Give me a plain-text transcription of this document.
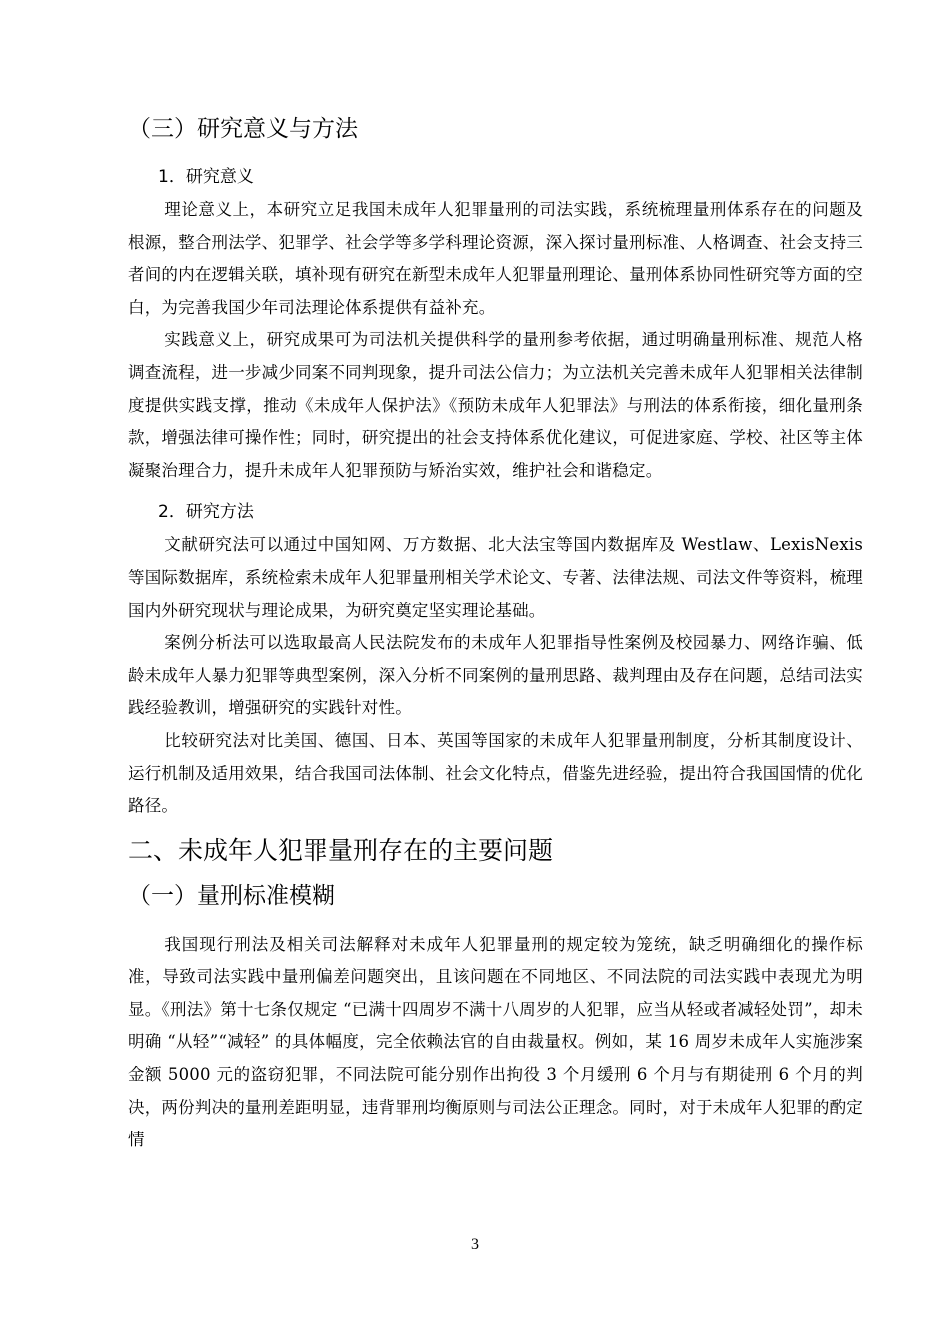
（三）研究意义与方法
1．研究意义

理论意义上，本研究立足我国未成年人犯罪量刑的司法实践，系统梳理量刑体系存在的问题及根源，整合刑法学、犯罪学、社会学等多学科理论资源，深入探讨量刑标准、人格调查、社会支持三者间的内在逻辑关联，填补现有研究在新型未成年人犯罪量刑理论、量刑体系协同性研究等方面的空白，为完善我国少年司法理论体系提供有益补充。

实践意义上，研究成果可为司法机关提供科学的量刑参考依据，通过明确量刑标准、规范人格调查流程，进一步减少同案不同判现象，提升司法公信力；为立法机关完善未成年人犯罪相关法律制度提供实践支撑，推动《未成年人保护法》《预防未成年人犯罪法》与刑法的体系衔接，细化量刑条款，增强法律可操作性；同时，研究提出的社会支持体系优化建议，可促进家庭、学校、社区等主体凝聚治理合力，提升未成年人犯罪预防与矫治实效，维护社会和谐稳定。

2．研究方法

文献研究法可以通过中国知网、万方数据、北大法宝等国内数据库及 Westlaw、LexisNexis 等国际数据库，系统检索未成年人犯罪量刑相关学术论文、专著、法律法规、司法文件等资料，梳理国内外研究现状与理论成果，为研究奠定坚实理论基础。

案例分析法可以选取最高人民法院发布的未成年人犯罪指导性案例及校园暴力、网络诈骗、低龄未成年人暴力犯罪等典型案例，深入分析不同案例的量刑思路、裁判理由及存在问题，总结司法实践经验教训，增强研究的实践针对性。

比较研究法对比美国、德国、日本、英国等国家的未成年人犯罪量刑制度，分析其制度设计、运行机制及适用效果，结合我国司法体制、社会文化特点，借鉴先进经验，提出符合我国国情的优化路径。

二、未成年人犯罪量刑存在的主要问题
（一）量刑标准模糊

我国现行刑法及相关司法解释对未成年人犯罪量刑的规定较为笼统，缺乏明确细化的操作标准，导致司法实践中量刑偏差问题突出，且该问题在不同地区、不同法院的司法实践中表现尤为明显。《刑法》第十七条仅规定 “已满十四周岁不满十八周岁的人犯罪，应当从轻或者减轻处罚”，却未明确 “从轻”“减轻” 的具体幅度，完全依赖法官的自由裁量权。例如，某 16 周岁未成年人实施涉案金额 5000 元的盗窃犯罪，不同法院可能分别作出拘役 3 个月缓刑 6 个月与有期徒刑 6 个月的判决，两份判决的量刑差距明显，违背罪刑均衡原则与司法公正理念。同时，对于未成年人犯罪的酌定情

3
